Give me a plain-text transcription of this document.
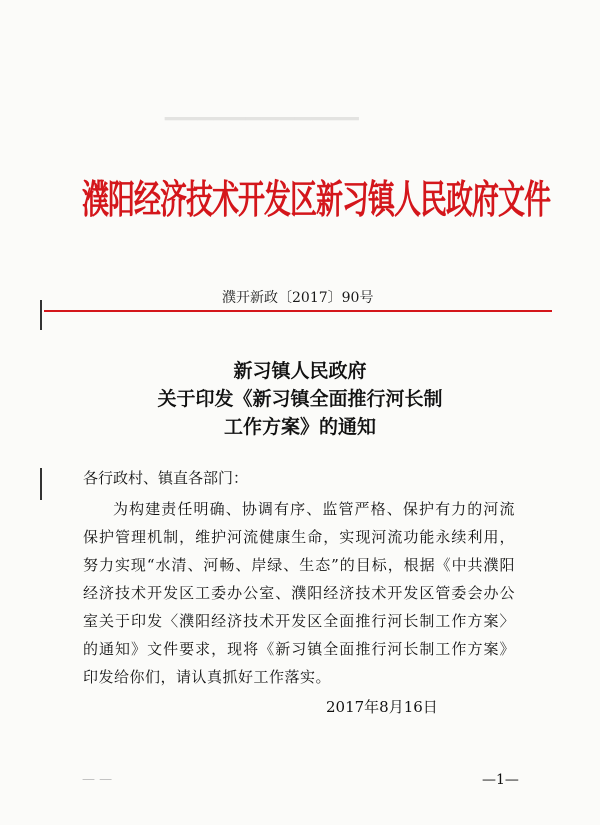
▁▁▁▁▁▁▁▁▁▁▁▁
濮阳经济技术开发区新习镇人民政府文件
濮开新政〔2017〕90号
新习镇人民政府
关于印发《新习镇全面推行河长制
工作方案》的通知
各行政村、镇直各部门：
为构建责任明确、协调有序、监管严格、保护有力的河流保护管理机制，维护河流健康生命，实现河流功能永续利用，努力实现“水清、河畅、岸绿、生态”的目标，根据《中共濮阳经济技术开发区工委办公室、濮阳经济技术开发区管委会办公室关于印发〈濮阳经济技术开发区全面推行河长制工作方案〉的通知》文件要求，现将《新习镇全面推行河长制工作方案》印发给你们，请认真抓好工作落实。
2017年8月16日
— —	—1—
